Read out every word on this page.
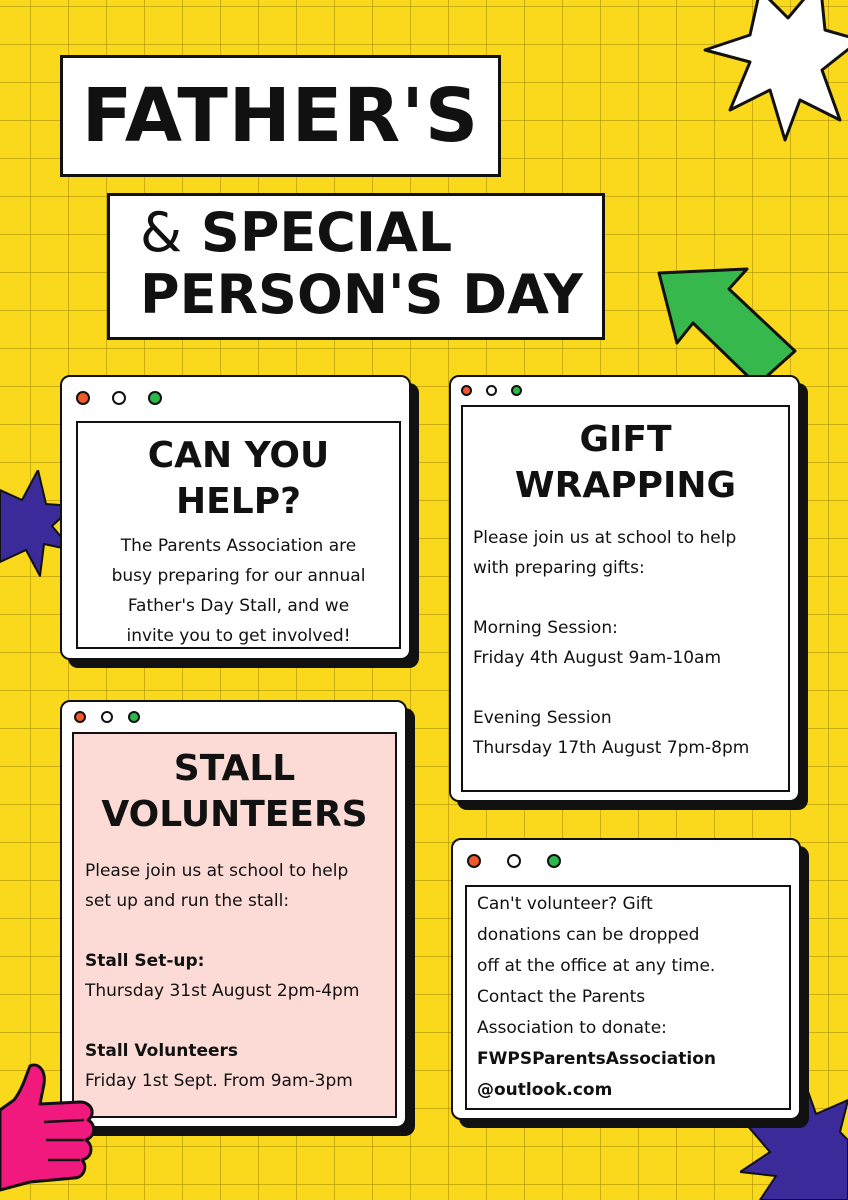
FATHER'S
& SPECIAL
PERSON'S DAY
CAN YOU
HELP?
The Parents Association are
busy preparing for our annual
Father's Day Stall, and we
invite you to get involved!
GIFT
WRAPPING
Please join us at school to help
with preparing gifts:
Morning Session:
Friday 4th August 9am-10am
Evening Session
Thursday 17th August 7pm-8pm
STALL
VOLUNTEERS
Please join us at school to help
set up and run the stall:
Stall Set-up:
Thursday 31st August 2pm-4pm
Stall Volunteers
Friday 1st Sept. From 9am-3pm
Can't volunteer? Gift
donations can be dropped
off at the office at any time.
Contact the Parents
Association to donate:
FWPSParentsAssociation
@outlook.com
